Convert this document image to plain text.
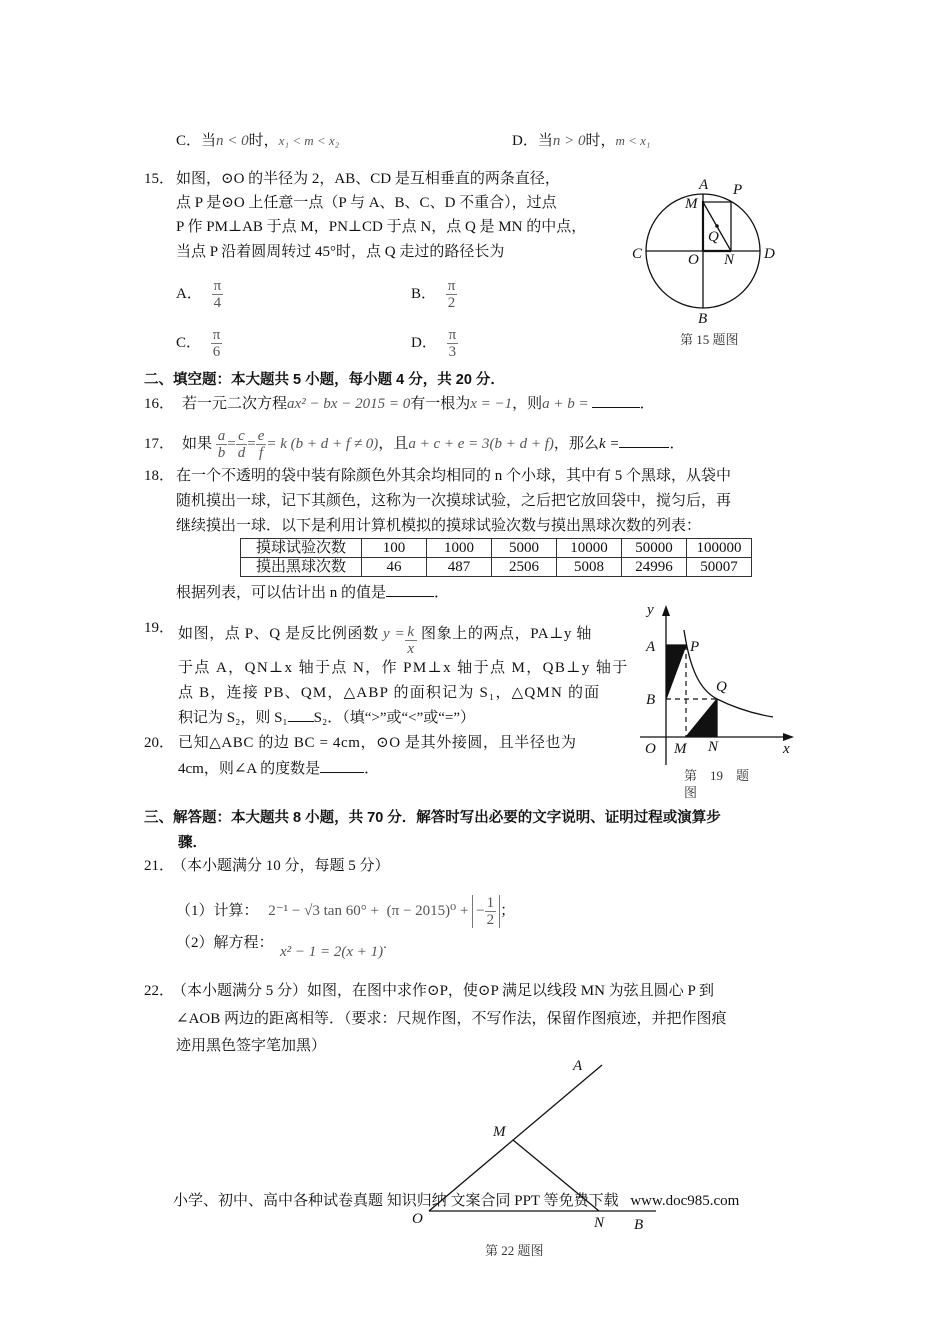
C．当n < 0时，x₁ < m < x₂	D．当n > 0时，m < x₁
15． 如图，⊙O 的半径为 2，AB、CD 是互相垂直的两条直径，
点 P 是⊙O 上任意一点（P 与 A、B、C、D 不重合），过点
P 作 PM⊥AB 于点 M，PN⊥CD 于点 N，点 Q 是 MN 的中点，
当点 P 沿着圆周转过 45°时，点 Q 走过的路径长为
A． $\frac{\pi}{4}$	B． $\frac{\pi}{2}$
C． $\frac{\pi}{6}$	D． $\frac{\pi}{3}$
A P
M
Q
C	O N D
B
第 15 题图
二、填空题：本大题共 5 小题，每小题 4 分，共 20 分．
16． 若一元二次方程ax² − bx − 2015 = 0有一根为x = −1，则a + b =	．
17． 如果 $\frac{a}{b} = \frac{c}{d} = \frac{e}{f} = k$ (b + d + f ≠ 0)，且a + c + e = 3(b + d + f)，那么k =	．
18． 在一个不透明的袋中装有除颜色外其余均相同的 n 个小球，其中有 5 个黑球，从袋中
随机摸出一球，记下其颜色，这称为一次摸球试验，之后把它放回袋中，搅匀后，再
继续摸出一球．以下是利用计算机模拟的摸球试验次数与摸出黑球次数的列表：
摸球试验次数	100	1000	5000	10000	50000	100000
摸出黑球次数	46	487	2506	5008	24996	50007
根据列表，可以估计出 n 的值是	．
19． 如图，点 P、Q 是反比例函数 $y = \frac{k}{x}$ 图象上的两点，PA⊥y 轴
于点 A，QN⊥x 轴于点 N，作 PM⊥x 轴于点 M，QB⊥y 轴于
点 B，连接 PB、QM，△ABP 的面积记为 S₁，△QMN 的面
积记为 S₂，则 S₁ S₂．（填“>”或“<”或“=”）
y
A P
B
Q
O M N	x
第　19　题
图
20． 已知△ABC 的边 BC = 4cm，⊙O 是其外接圆，且半径也为
4cm，则∠A 的度数是	．
三、解答题：本大题共 8 小题，共 70 分．解答时写出必要的文字说明、证明过程或演算步
骤．
21．
（本小题满分 10 分，每题 5 分）
（1）计算： 2⁻¹ − √3 tan 60° + (π − 2015)⁰ + − $\frac{1}{2}$ ；
（2）解方程：
x² − 1 = 2(x + 1).
22．
（本小题满分 5 分）如图，在图中求作⊙P，使⊙P 满足以线段 MN 为弦且圆心 P 到
∠AOB 两边的距离相等．（要求：尺规作图，不写作法，保留作图痕迹，并把作图痕
迹用黑色签字笔加黑）
A
M
O	N B
第 22 题图
小学、初中、高中各种试卷真题 知识归纳 文案合同 PPT 等免费下载 www.doc985.com
